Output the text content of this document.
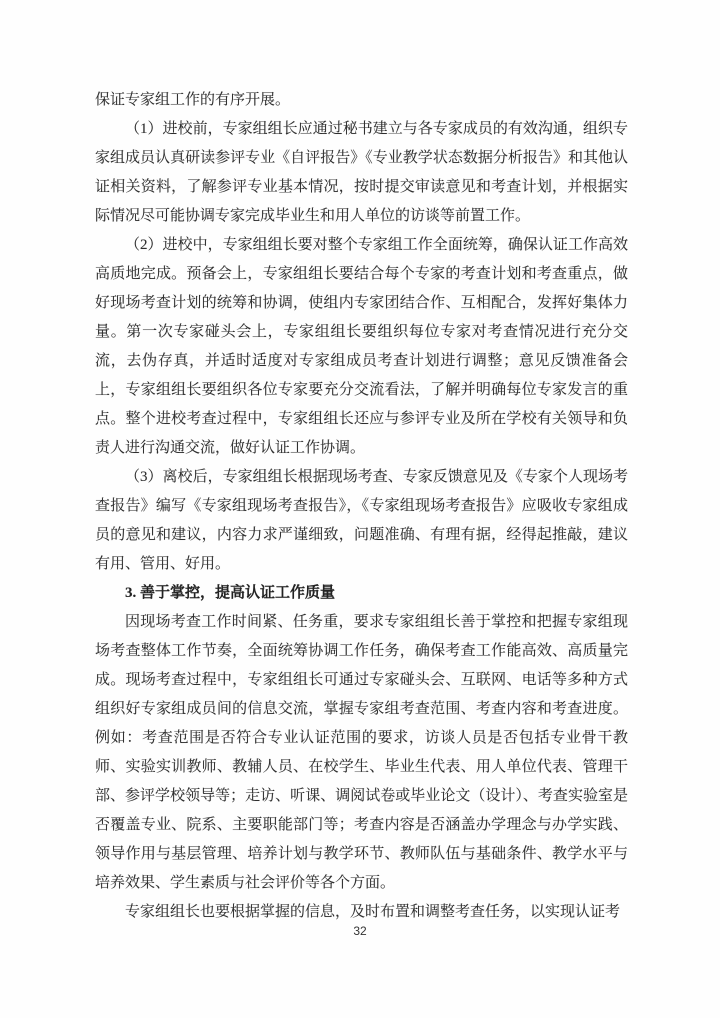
保证专家组工作的有序开展。

（1）进校前，专家组组长应通过秘书建立与各专家成员的有效沟通，组织专家组成员认真研读参评专业《自评报告》《专业教学状态数据分析报告》和其他认证相关资料，了解参评专业基本情况，按时提交审读意见和考查计划，并根据实际情况尽可能协调专家完成毕业生和用人单位的访谈等前置工作。

（2）进校中，专家组组长要对整个专家组工作全面统筹，确保认证工作高效高质地完成。预备会上，专家组组长要结合每个专家的考查计划和考查重点，做好现场考查计划的统筹和协调，使组内专家团结合作、互相配合，发挥好集体力量。第一次专家碰头会上，专家组组长要组织每位专家对考查情况进行充分交流，去伪存真，并适时适度对专家组成员考查计划进行调整；意见反馈准备会上，专家组组长要组织各位专家要充分交流看法，了解并明确每位专家发言的重点。整个进校考查过程中，专家组组长还应与参评专业及所在学校有关领导和负责人进行沟通交流，做好认证工作协调。

（3）离校后，专家组组长根据现场考查、专家反馈意见及《专家个人现场考查报告》编写《专家组现场考查报告》，《专家组现场考查报告》应吸收专家组成员的意见和建议，内容力求严谨细致，问题准确、有理有据，经得起推敲，建议有用、管用、好用。

3. 善于掌控，提高认证工作质量

因现场考查工作时间紧、任务重，要求专家组组长善于掌控和把握专家组现场考查整体工作节奏，全面统筹协调工作任务，确保考查工作能高效、高质量完成。现场考查过程中，专家组组长可通过专家碰头会、互联网、电话等多种方式组织好专家组成员间的信息交流，掌握专家组考查范围、考查内容和考查进度。例如：考查范围是否符合专业认证范围的要求，访谈人员是否包括专业骨干教师、实验实训教师、教辅人员、在校学生、毕业生代表、用人单位代表、管理干部、参评学校领导等；走访、听课、调阅试卷或毕业论文（设计）、考查实验室是否覆盖专业、院系、主要职能部门等；考查内容是否涵盖办学理念与办学实践、领导作用与基层管理、培养计划与教学环节、教师队伍与基础条件、教学水平与培养效果、学生素质与社会评价等各个方面。

专家组组长也要根据掌握的信息，及时布置和调整考查任务，以实现认证考

32
